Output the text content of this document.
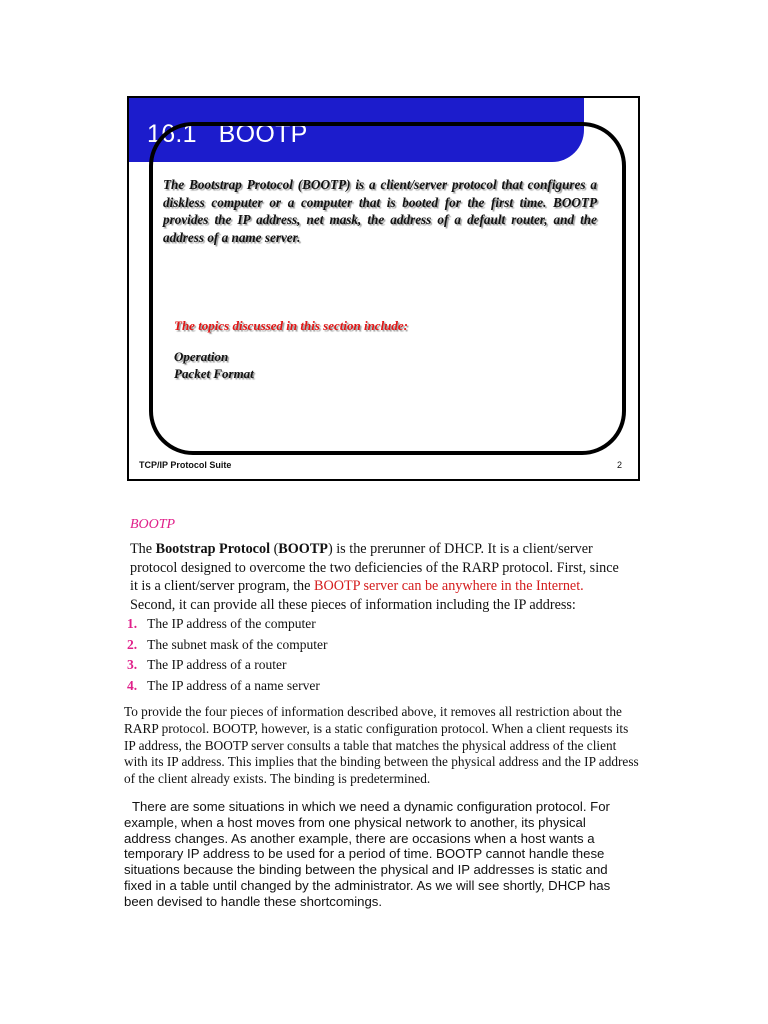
16.1 BOOTP

The Bootstrap Protocol (BOOTP) is a client/server protocol that configures a diskless computer or a computer that is booted for the first time. BOOTP provides the IP address, net mask, the address of a default router, and the address of a name server.

The topics discussed in this section include:

Operation
Packet Format
TCP/IP Protocol Suite	2

BOOTP

The Bootstrap Protocol (BOOTP) is the prerunner of DHCP. It is a client/server protocol designed to overcome the two deficiencies of the RARP protocol. First, since it is a client/server program, the BOOTP server can be anywhere in the Internet. Second, it can provide all these pieces of information including the IP address:

1. The IP address of the computer
2. The subnet mask of the computer
3. The IP address of a router
4. The IP address of a name server

To provide the four pieces of information described above, it removes all restriction about the RARP protocol. BOOTP, however, is a static configuration protocol. When a client requests its IP address, the BOOTP server consults a table that matches the physical address of the client with its IP address. This implies that the binding between the physical address and the IP address of the client already exists. The binding is predetermined.

There are some situations in which we need a dynamic configuration protocol. For example, when a host moves from one physical network to another, its physical address changes. As another example, there are occasions when a host wants a temporary IP address to be used for a period of time. BOOTP cannot handle these situations because the binding between the physical and IP addresses is static and fixed in a table until changed by the administrator. As we will see shortly, DHCP has been devised to handle these shortcomings.
